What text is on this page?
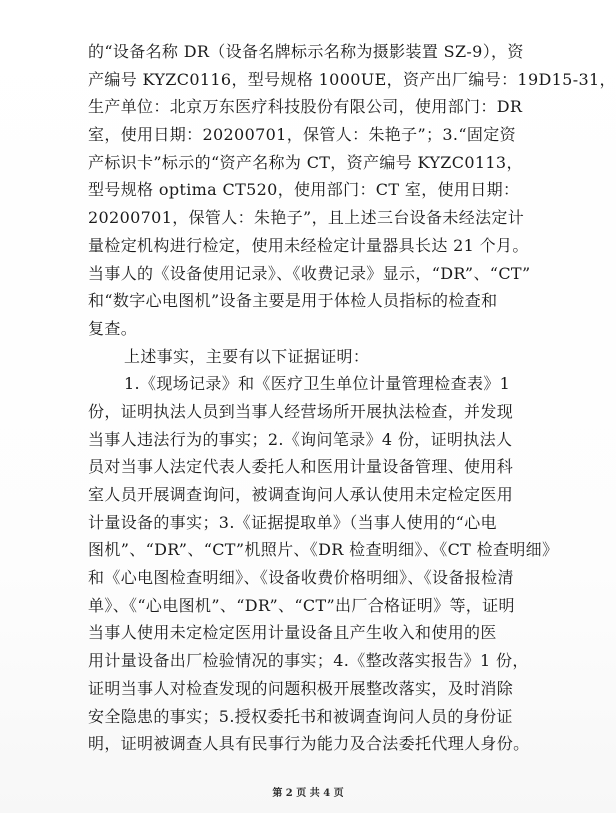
的“设备名称 DR（设备名牌标示名称为摄影装置 SZ-9），资
产编号 KYZC0116，型号规格 1000UE，资产出厂编号：19D15-31，
生产单位：北京万东医疗科技股份有限公司，使用部门：DR
室，使用日期：20200701，保管人：朱艳子”；3.“固定资
产标识卡”标示的“资产名称为 CT，资产编号 KYZC0113，
型号规格 optima CT520，使用部门：CT 室，使用日期：
20200701，保管人：朱艳子”，且上述三台设备未经法定计
量检定机构进行检定，使用未经检定计量器具长达 21 个月。
当事人的《设备使用记录》、《收费记录》显示，“DR”、“CT”
和“数字心电图机”设备主要是用于体检人员指标的检查和
复查。
上述事实，主要有以下证据证明：
1.《现场记录》和《医疗卫生单位计量管理检查表》1
份，证明执法人员到当事人经营场所开展执法检查，并发现
当事人违法行为的事实；2.《询问笔录》4 份，证明执法人
员对当事人法定代表人委托人和医用计量设备管理、使用科
室人员开展调查询问，被调查询问人承认使用未定检定医用
计量设备的事实；3.《证据提取单》（当事人使用的“心电
图机”、“DR”、“CT”机照片、《DR 检查明细》、《CT 检查明细》
和《心电图检查明细》、《设备收费价格明细》、《设备报检清
单》、《“心电图机”、“DR”、“CT”出厂合格证明》等，证明
当事人使用未定检定医用计量设备且产生收入和使用的医
用计量设备出厂检验情况的事实；4.《整改落实报告》1 份，
证明当事人对检查发现的问题积极开展整改落实，及时消除
安全隐患的事实；5.授权委托书和被调查询问人员的身份证
明，证明被调查人具有民事行为能力及合法委托代理人身份。
第 2 页 共 4 页
